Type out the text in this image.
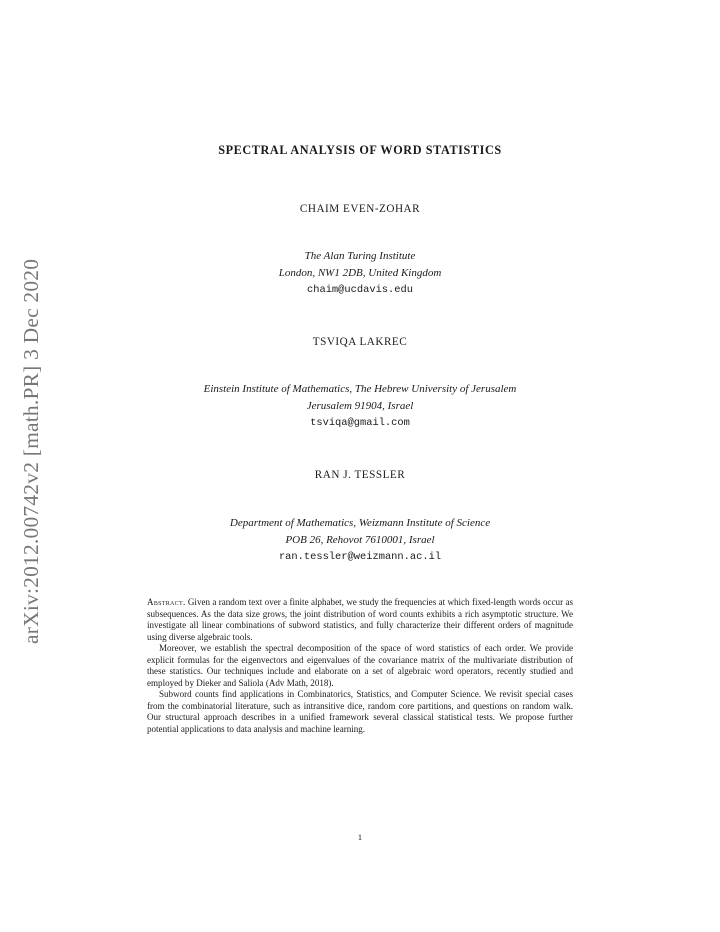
arXiv:2012.00742v2 [math.PR] 3 Dec 2020
SPECTRAL ANALYSIS OF WORD STATISTICS
CHAIM EVEN-ZOHAR
The Alan Turing Institute
London, NW1 2DB, United Kingdom
chaim@ucdavis.edu
TSVIQA LAKREC
Einstein Institute of Mathematics, The Hebrew University of Jerusalem
Jerusalem 91904, Israel
tsviqa@gmail.com
RAN J. TESSLER
Department of Mathematics, Weizmann Institute of Science
POB 26, Rehovot 7610001, Israel
ran.tessler@weizmann.ac.il

Abstract. Given a random text over a finite alphabet, we study the frequencies at which fixed-length words occur as subsequences. As the data size grows, the joint distribution of word counts exhibits a rich asymptotic structure. We investigate all linear combinations of subword statistics, and fully characterize their different orders of magnitude using diverse algebraic tools.

Moreover, we establish the spectral decomposition of the space of word statistics of each order. We provide explicit formulas for the eigenvectors and eigenvalues of the covariance matrix of the multivariate distribution of these statistics. Our techniques include and elaborate on a set of algebraic word operators, recently studied and employed by Dieker and Saliola (Adv Math, 2018).

Subword counts find applications in Combinatorics, Statistics, and Computer Science. We revisit special cases from the combinatorial literature, such as intransitive dice, random core partitions, and questions on random walk. Our structural approach describes in a unified framework several classical statistical tests. We propose further potential applications to data analysis and machine learning.

1
